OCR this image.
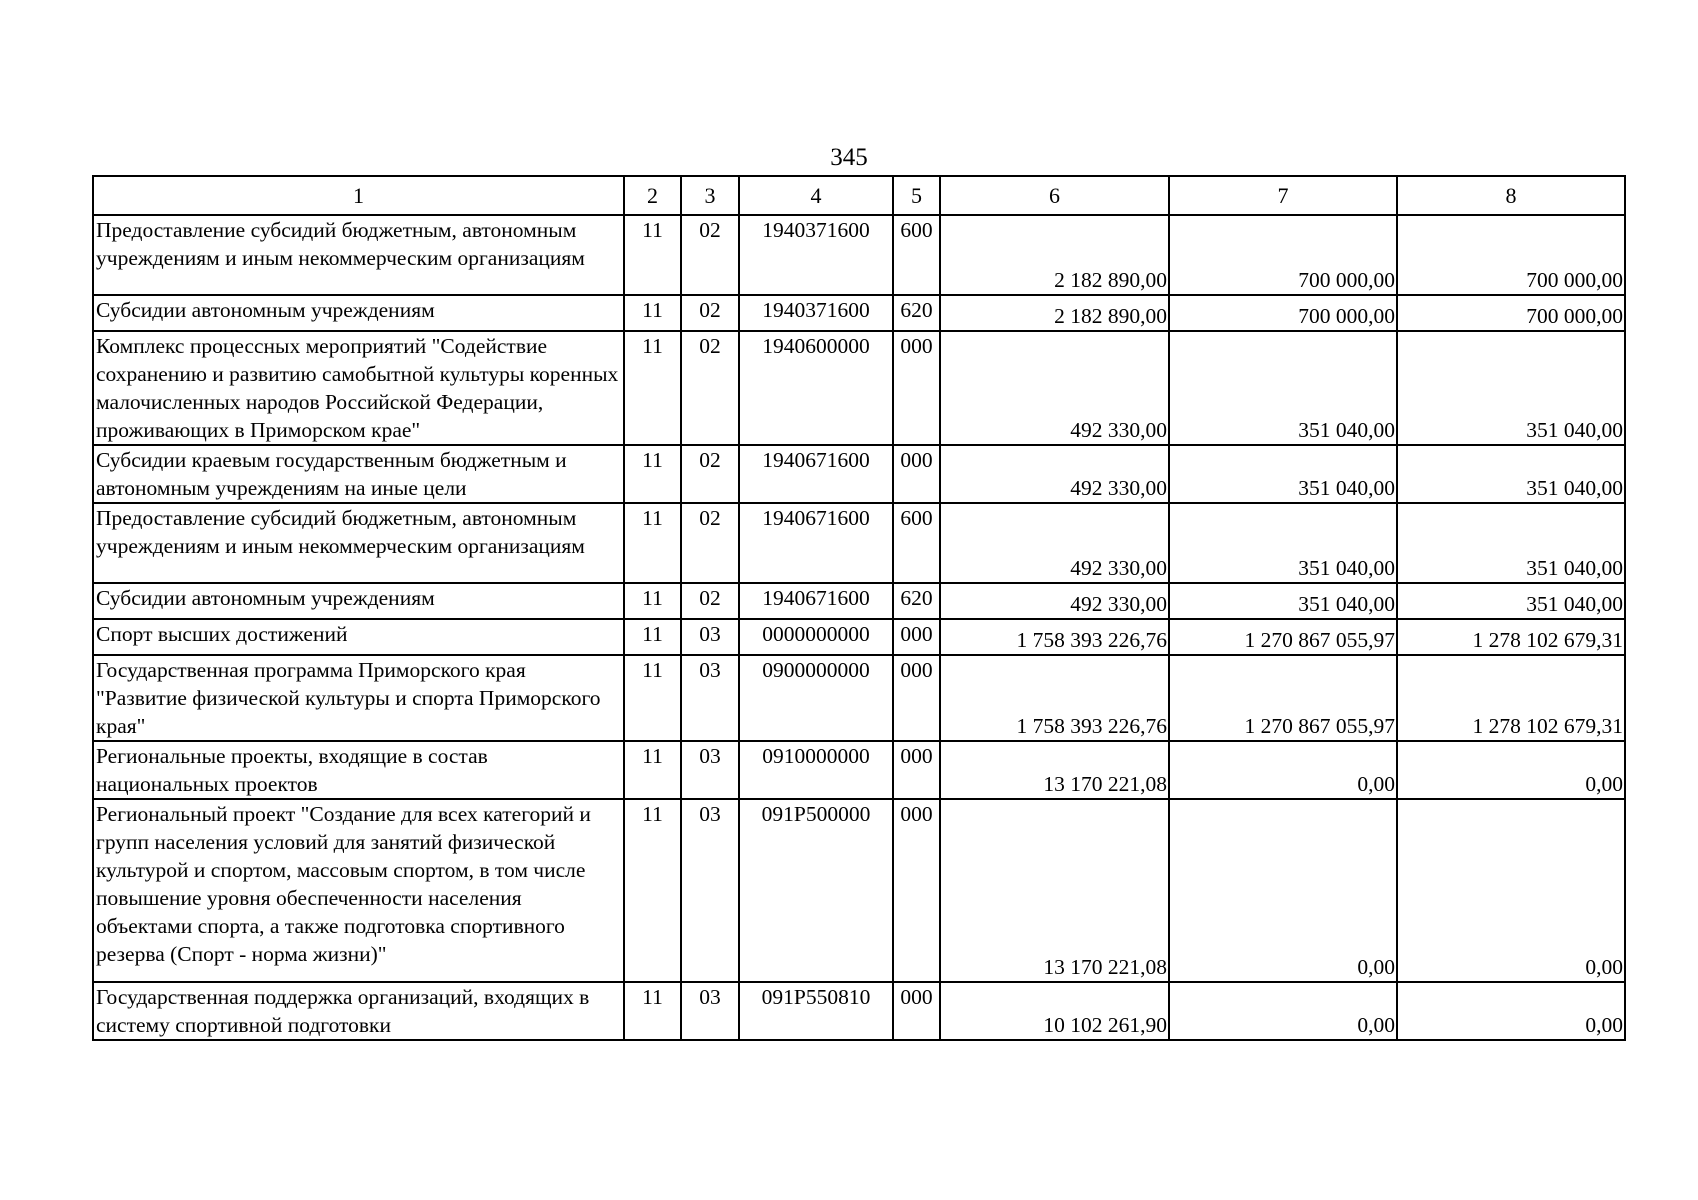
345
1	2	3	4	5	6	7	8
Предоставление субсидий бюджетным, автономным учреждениям и иным некоммерческим организациям	11	02	1940371600	600	2 182 890,00	700 000,00	700 000,00
Субсидии автономным учреждениям	11	02	1940371600	620	2 182 890,00	700 000,00	700 000,00
Комплекс процессных мероприятий "Содействие сохранению и развитию самобытной культуры коренных малочисленных народов Российской Федерации, проживающих в Приморском крае"	11	02	1940600000	000	492 330,00	351 040,00	351 040,00
Субсидии краевым государственным бюджетным и автономным учреждениям на иные цели	11	02	1940671600	000	492 330,00	351 040,00	351 040,00
Предоставление субсидий бюджетным, автономным учреждениям и иным некоммерческим организациям	11	02	1940671600	600	492 330,00	351 040,00	351 040,00
Субсидии автономным учреждениям	11	02	1940671600	620	492 330,00	351 040,00	351 040,00
Спорт высших достижений	11	03	0000000000	000	1 758 393 226,76	1 270 867 055,97	1 278 102 679,31
Государственная программа Приморского края "Развитие физической культуры и спорта Приморского края"	11	03	0900000000	000	1 758 393 226,76	1 270 867 055,97	1 278 102 679,31
Региональные проекты, входящие в состав национальных проектов	11	03	0910000000	000	13 170 221,08	0,00	0,00
Региональный проект "Создание для всех категорий и групп населения условий для занятий физической культурой и спортом, массовым спортом, в том числе повышение уровня обеспеченности населения объектами спорта, а также подготовка спортивного резерва (Спорт - норма жизни)"	11	03	091P500000	000	13 170 221,08	0,00	0,00
Государственная поддержка организаций, входящих в систему спортивной подготовки	11	03	091P550810	000	10 102 261,90	0,00	0,00
